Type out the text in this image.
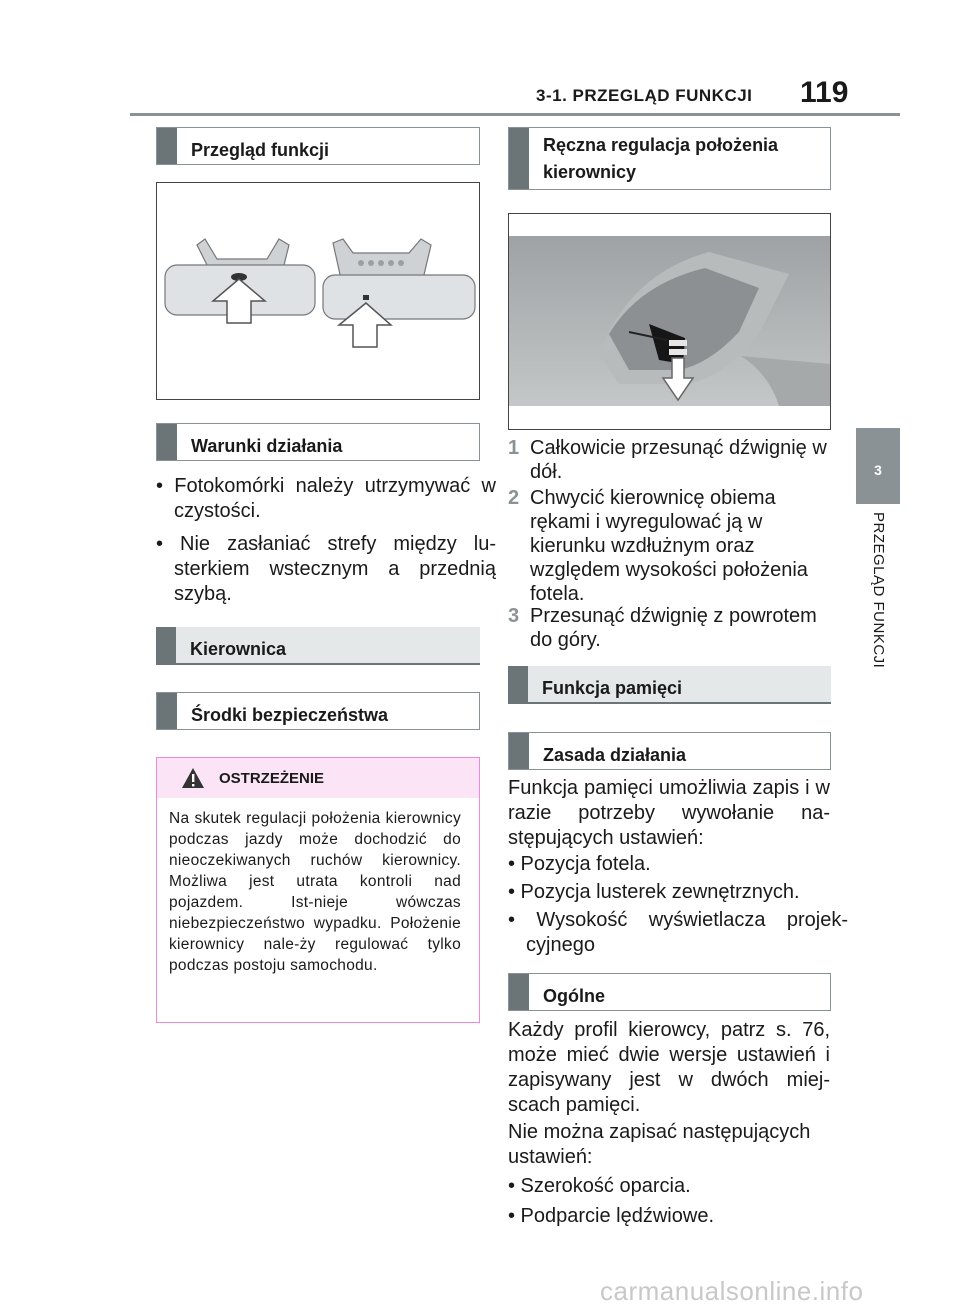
3-1. PRZEGLĄD FUNKCJI 119
3
PRZEGLĄD FUNKCJI
Przegląd funkcji
Warunki działania
• Fotokomórki należy utrzymywać w czystości.
• Nie zasłaniać strefy między lu-sterkiem wstecznym a przednią szybą.
Kierownica
Środki bezpieczeństwa
OSTRZEŻENIE
Na skutek regulacji położenia kierownicy podczas jazdy może dochodzić do nieoczekiwanych ruchów kierownicy. Możliwa jest utrata kontroli nad pojazdem. Ist-nieje wówczas niebezpieczeństwo wypadku. Położenie kierownicy nale-ży regulować tylko podczas postoju samochodu.
Ręczna regulacja położenia kierownicy
1 Całkowicie przesunąć dźwignię w dół.
2 Chwycić kierownicę obiema rękami i wyregulować ją w kierunku wzdłużnym oraz względem wysokości położenia fotela.
3 Przesunąć dźwignię z powrotem do góry.
Funkcja pamięci
Zasada działania
Funkcja pamięci umożliwia zapis i w razie potrzeby wywołanie na-stępujących ustawień:
• Pozycja fotela.
• Pozycja lusterek zewnętrznych.
• Wysokość wyświetlacza projek-cyjnego
Ogólne
Każdy profil kierowcy, patrz s. 76, może mieć dwie wersje ustawień i zapisywany jest w dwóch miej-scach pamięci.
Nie można zapisać następujących ustawień:
• Szerokość oparcia.
• Podparcie lędźwiowe.
carmanualsonline.info
